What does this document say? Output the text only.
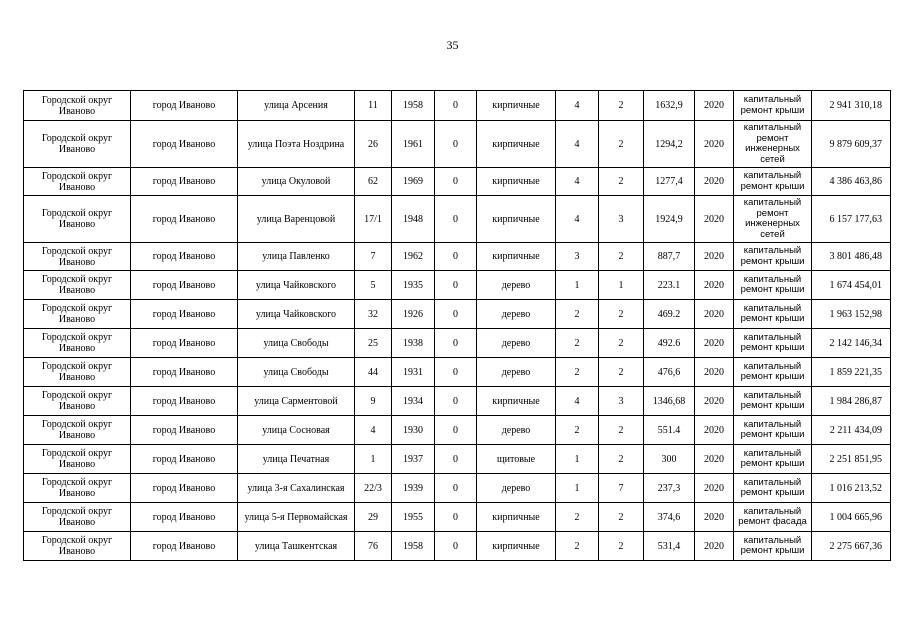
35
Городской округ Иваново	город Иваново	улица Арсения	11	1958	0	кирпичные	4	2	1632,9	2020	капитальный ремонт крыши	2 941 310,18
Городской округ Иваново	город Иваново	улица Поэта Ноздрина	26	1961	0	кирпичные	4	2	1294,2	2020	капитальный ремонт инженерных сетей	9 879 609,37
Городской округ Иваново	город Иваново	улица Окуловой	62	1969	0	кирпичные	4	2	1277,4	2020	капитальный ремонт крыши	4 386 463,86
Городской округ Иваново	город Иваново	улица Варенцовой	17/1	1948	0	кирпичные	4	3	1924,9	2020	капитальный ремонт инженерных сетей	6 157 177,63
Городской округ Иваново	город Иваново	улица Павленко	7	1962	0	кирпичные	3	2	887,7	2020	капитальный ремонт крыши	3 801 486,48
Городской округ Иваново	город Иваново	улица Чайковского	5	1935	0	дерево	1	1	223.1	2020	капитальный ремонт крыши	1 674 454,01
Городской округ Иваново	город Иваново	улица Чайковского	32	1926	0	дерево	2	2	469.2	2020	капитальный ремонт крыши	1 963 152,98
Городской округ Иваново	город Иваново	улица Свободы	25	1938	0	дерево	2	2	492.6	2020	капитальный ремонт крыши	2 142 146,34
Городской округ Иваново	город Иваново	улица Свободы	44	1931	0	дерево	2	2	476,6	2020	капитальный ремонт крыши	1 859 221,35
Городской округ Иваново	город Иваново	улица Сарментовой	9	1934	0	кирпичные	4	3	1346,68	2020	капитальный ремонт крыши	1 984 286,87
Городской округ Иваново	город Иваново	улица Сосновая	4	1930	0	дерево	2	2	551.4	2020	капитальный ремонт крыши	2 211 434,09
Городской округ Иваново	город Иваново	улица Печатная	1	1937	0	щитовые	1	2	300	2020	капитальный ремонт крыши	2 251 851,95
Городской округ Иваново	город Иваново	улица 3-я Сахалинская	22/3	1939	0	дерево	1	7	237,3	2020	капитальный ремонт крыши	1 016 213,52
Городской округ Иваново	город Иваново	улица 5-я Первомайская	29	1955	0	кирпичные	2	2	374,6	2020	капитальный ремонт фасада	1 004 665,96
Городской округ Иваново	город Иваново	улица Ташкентская	76	1958	0	кирпичные	2	2	531,4	2020	капитальный ремонт крыши	2 275 667,36
